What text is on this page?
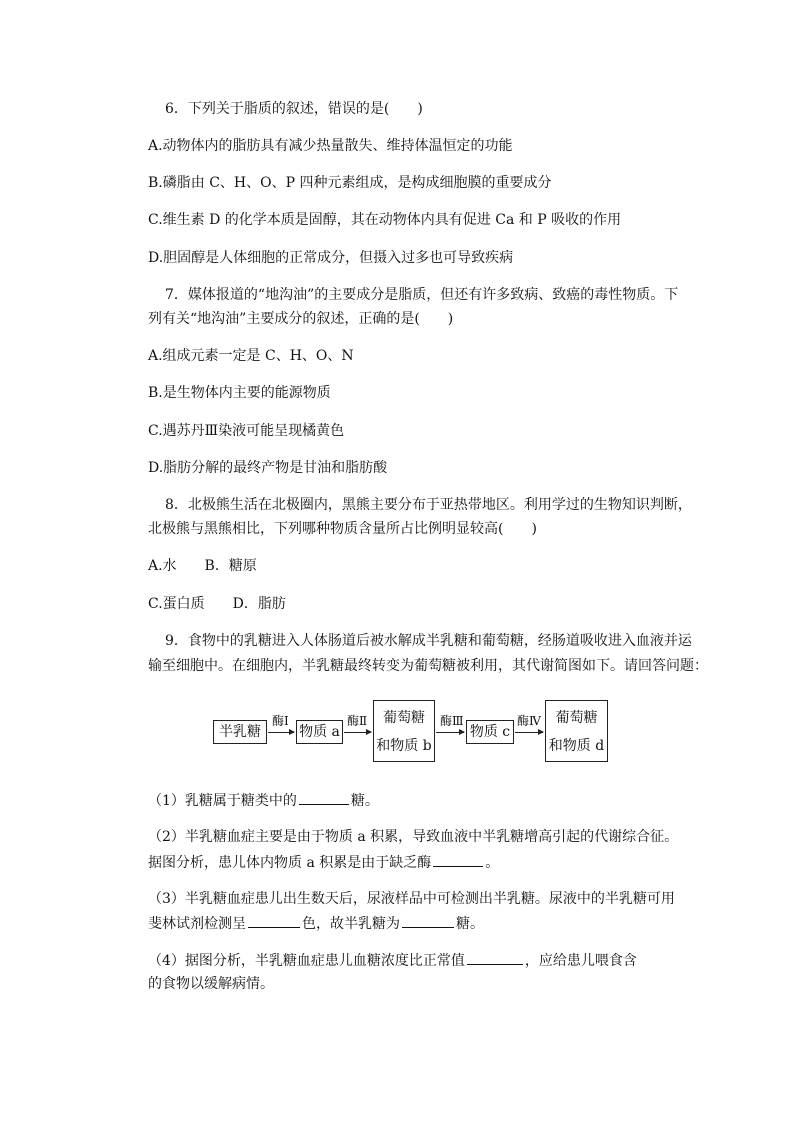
6．下列关于脂质的叙述，错误的是(　　)
A.动物体内的脂肪具有减少热量散失、维持体温恒定的功能
B.磷脂由 C、H、O、P 四种元素组成，是构成细胞膜的重要成分
C.维生素 D 的化学本质是固醇，其在动物体内具有促进 Ca 和 P 吸收的作用
D.胆固醇是人体细胞的正常成分，但摄入过多也可导致疾病
7．媒体报道的“地沟油”的主要成分是脂质，但还有许多致病、致癌的毒性物质。下
列有关“地沟油”主要成分的叙述，正确的是(　　)
A.组成元素一定是 C、H、O、N
B.是生物体内主要的能源物质
C.遇苏丹Ⅲ染液可能呈现橘黄色
D.脂肪分解的最终产物是甘油和脂肪酸
8．北极熊生活在北极圈内，黑熊主要分布于亚热带地区。利用学过的生物知识判断，
北极熊与黑熊相比，下列哪种物质含量所占比例明显较高(　　)
A.水　　B．糖原
C.蛋白质　　D．脂肪
9．食物中的乳糖进入人体肠道后被水解成半乳糖和葡萄糖，经肠道吸收进入血液并运
输至细胞中。在细胞内，半乳糖最终转变为葡萄糖被利用，其代谢简图如下。请回答问题：
物质 a
酶Ⅱ	葡萄糖
和物质 b
酶Ⅲ
物质 c
酶Ⅳ	葡萄糖
和物质 d
（1）乳糖属于糖类中的	糖。
（2）半乳糖血症主要是由于物质 a 积累，导致血液中半乳糖增高引起的代谢综合征。
据图分析，患儿体内物质 a 积累是由于缺乏酶	。
（3）半乳糖血症患儿出生数天后，尿液样品中可检测出半乳糖。尿液中的半乳糖可用
斐林试剂检测呈	色，故半乳糖为	糖。
（4）据图分析，半乳糖血症患儿血糖浓度比正常值	，应给患儿喂食含
的食物以缓解病情。
半乳糖
酶Ⅰ
